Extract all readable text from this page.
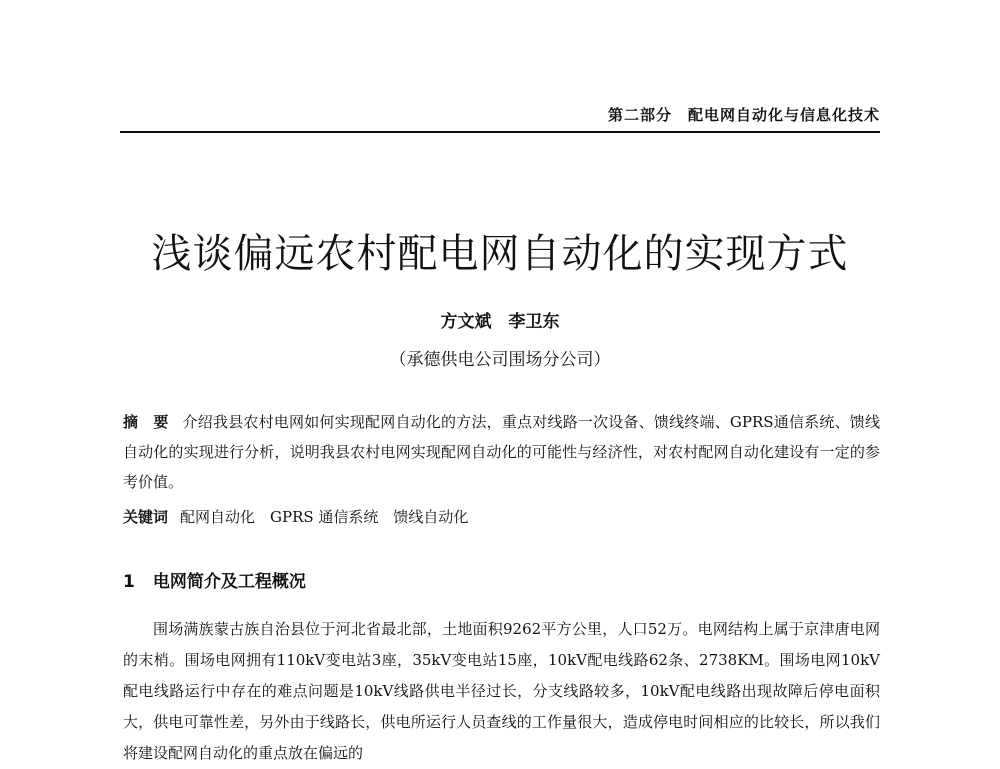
第二部分　配电网自动化与信息化技术
浅谈偏远农村配电网自动化的实现方式
方文斌　李卫东
（承德供电公司围场分公司）
摘　要 介绍我县农村电网如何实现配网自动化的方法，重点对线路一次设备、馈线终端、GPRS通信系统、馈线自动化的实现进行分析，说明我县农村电网实现配网自动化的可能性与经济性，对农村配网自动化建设有一定的参考价值。
关键词 配网自动化　GPRS 通信系统　馈线自动化
1 电网简介及工程概况
围场满族蒙古族自治县位于河北省最北部，土地面积9262平方公里，人口52万。电网结构上属于京津唐电网的末梢。围场电网拥有110kV变电站3座，35kV变电站15座，10kV配电线路62条、2738KM。围场电网10kV配电线路运行中存在的难点问题是10kV线路供电半径过长，分支线路较多，10kV配电线路出现故障后停电面积大，供电可靠性差，另外由于线路长，供电所运行人员查线的工作量很大，造成停电时间相应的比较长，所以我们将建设配网自动化的重点放在偏远的
